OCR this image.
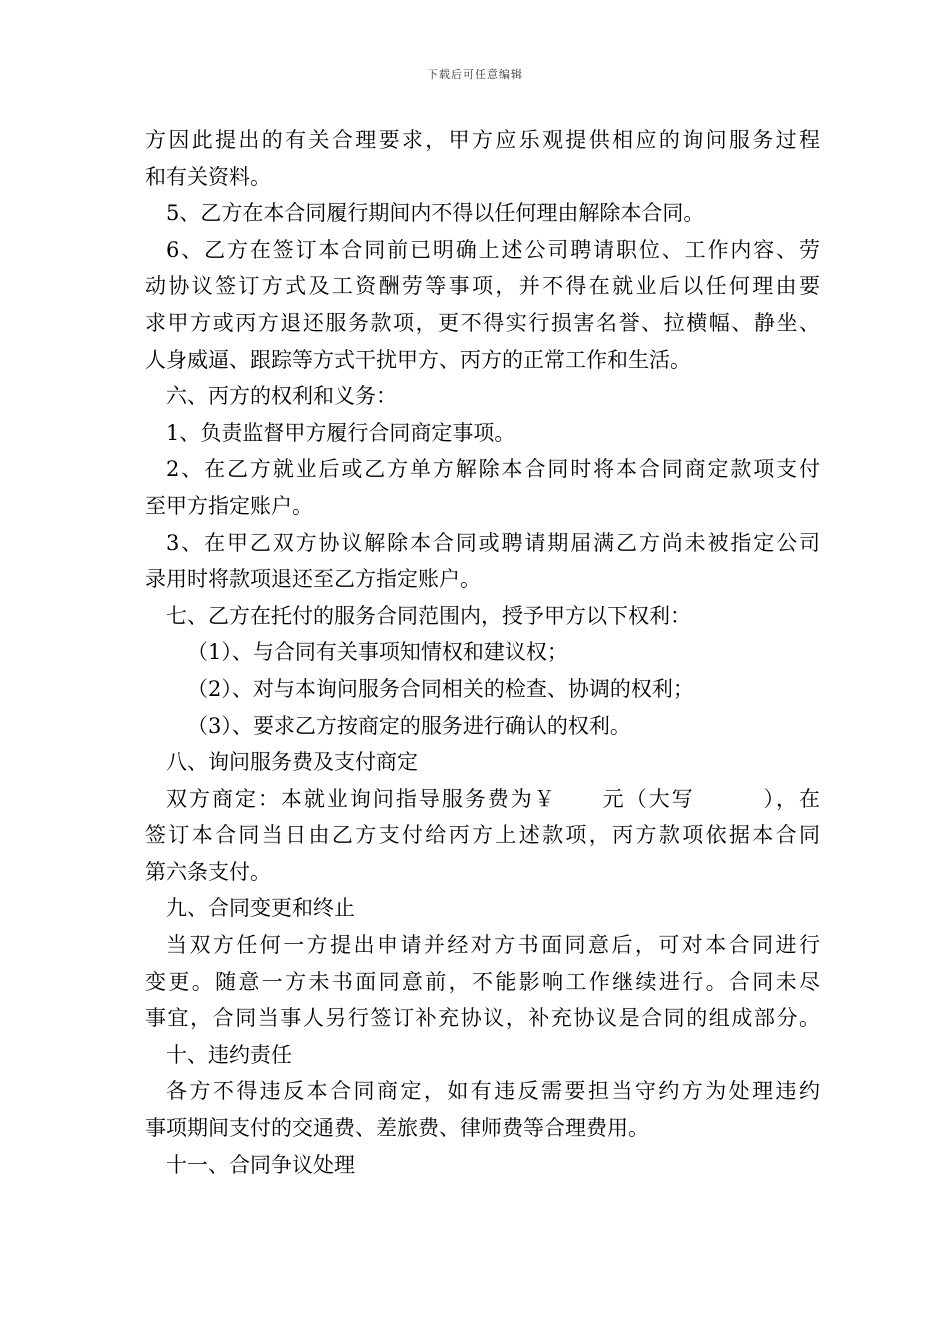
下载后可任意编辑
方因此提出的有关合理要求，甲方应乐观提供相应的询问服务过程
和有关资料。
5、乙方在本合同履行期间内不得以任何理由解除本合同。
6、乙方在签订本合同前已明确上述公司聘请职位、工作内容、劳
动协议签订方式及工资酬劳等事项，并不得在就业后以任何理由要
求甲方或丙方退还服务款项，更不得实行损害名誉、拉横幅、静坐、
人身威逼、跟踪等方式干扰甲方、丙方的正常工作和生活。
六、丙方的权利和义务：
1、负责监督甲方履行合同商定事项。
2、在乙方就业后或乙方单方解除本合同时将本合同商定款项支付
至甲方指定账户。
3、在甲乙双方协议解除本合同或聘请期届满乙方尚未被指定公司
录用时将款项退还至乙方指定账户。
七、乙方在托付的服务合同范围内，授予甲方以下权利：
（1）、与合同有关事项知情权和建议权；
（2）、对与本询问服务合同相关的检查、协调的权利；
（3）、要求乙方按商定的服务进行确认的权利。
八、询问服务费及支付商定
双方商定：本就业询问指导服务费为￥　　元（大写　　　），在
签订本合同当日由乙方支付给丙方上述款项，丙方款项依据本合同
第六条支付。
九、合同变更和终止
当双方任何一方提出申请并经对方书面同意后，可对本合同进行
变更。随意一方未书面同意前，不能影响工作继续进行。合同未尽
事宜，合同当事人另行签订补充协议，补充协议是合同的组成部分。
十、违约责任
各方不得违反本合同商定，如有违反需要担当守约方为处理违约
事项期间支付的交通费、差旅费、律师费等合理费用。
十一、合同争议处理
